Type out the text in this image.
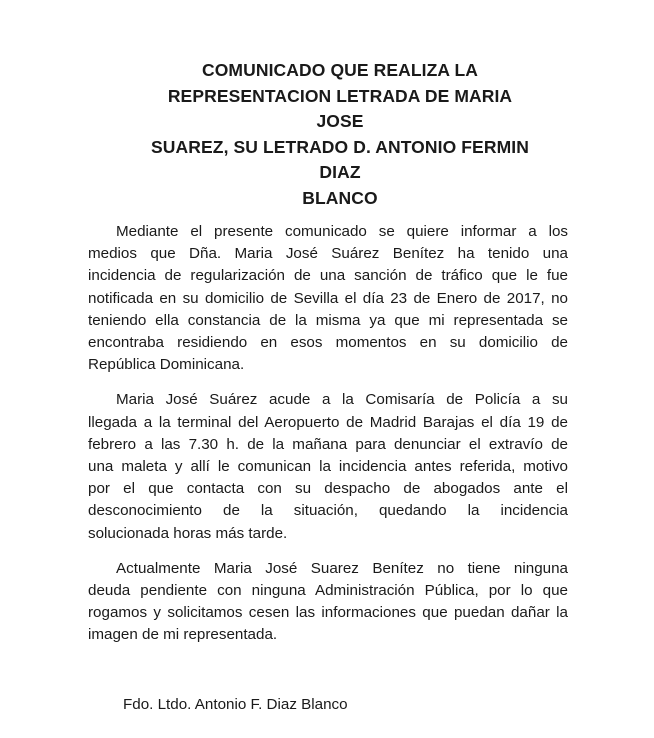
COMUNICADO QUE REALIZA LA
REPRESENTACION LETRADA DE MARIA JOSE
SUAREZ, SU LETRADO D. ANTONIO FERMIN DIAZ
BLANCO

Mediante el presente comunicado se quiere informar a los
medios que Dña. Maria José Suárez Benítez ha tenido una
incidencia de regularización de una sanción de tráfico que le fue
notificada en su domicilio de Sevilla el día 23 de Enero de 2017, no
teniendo ella constancia de la misma ya que mi representada se
encontraba residiendo en esos momentos en su domicilio de
República Dominicana.

Maria José Suárez acude a la Comisaría de Policía a su
llegada a la terminal del Aeropuerto de Madrid Barajas el día 19 de
febrero a las 7.30 h. de la mañana para denunciar el extravío de
una maleta y allí le comunican la incidencia antes referida, motivo
por el que contacta con su despacho de abogados ante el
desconocimiento de la situación, quedando la incidencia
solucionada horas más tarde.

Actualmente Maria José Suarez Benítez no tiene ninguna
deuda pendiente con ninguna Administración Pública, por lo que
rogamos y solicitamos cesen las informaciones que puedan dañar la
imagen de mi representada.

Fdo. Ltdo. Antonio F. Diaz Blanco
